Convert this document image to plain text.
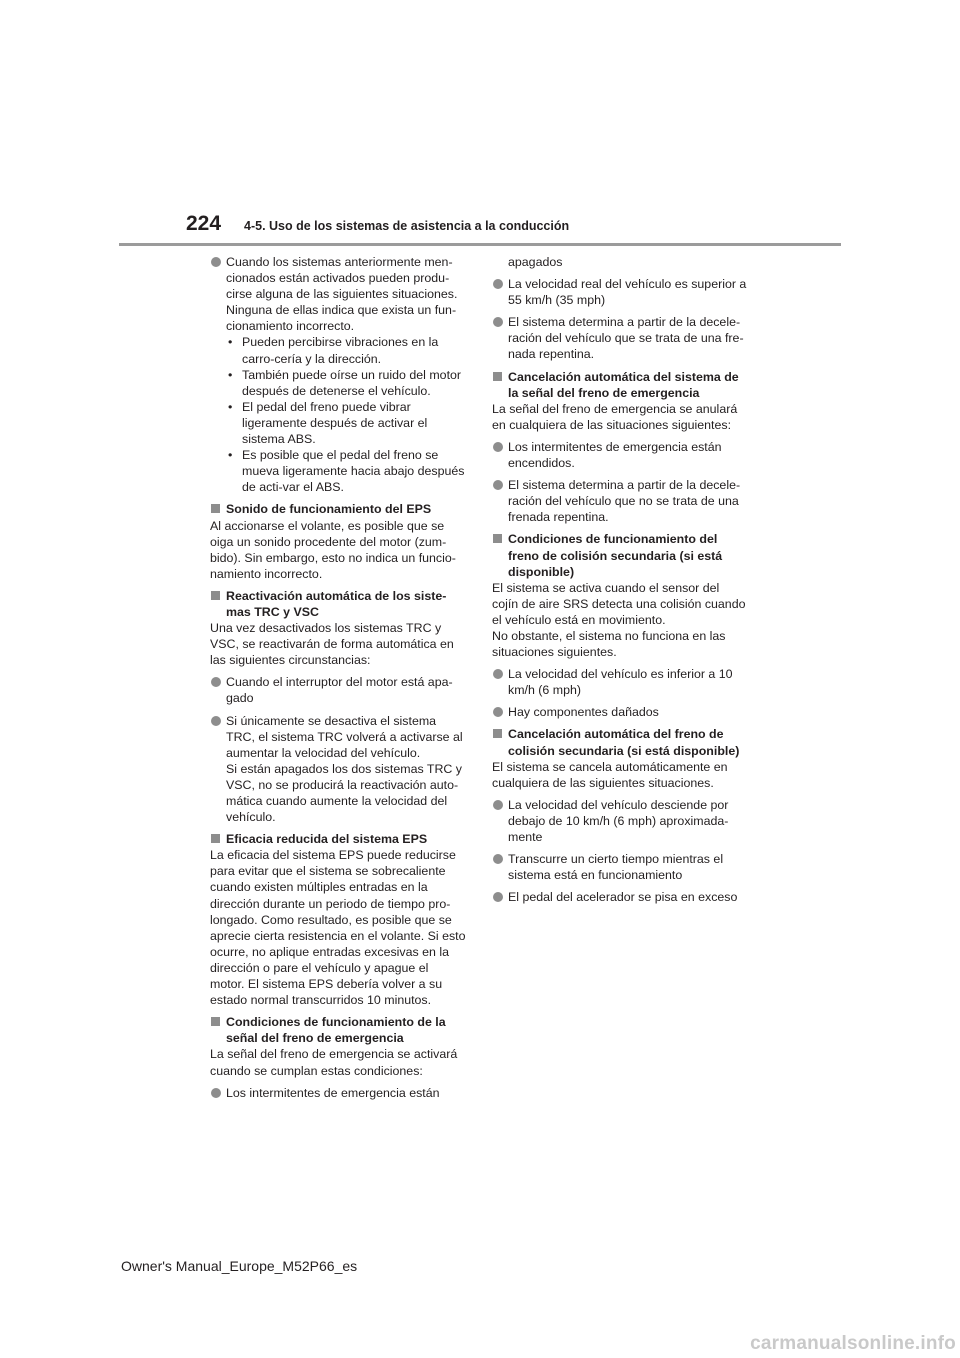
224 4-5. Uso de los sistemas de asistencia a la conducción
Cuando los sistemas anteriormente men-cionados están activados pueden produ-cirse alguna de las siguientes situaciones. Ninguna de ellas indica que exista un fun-cionamiento incorrecto.
• Pueden percibirse vibraciones en la carro-cería y la dirección.
• También puede oírse un ruido del motor después de detenerse el vehículo.
• El pedal del freno puede vibrar ligeramente después de activar el sistema ABS.
• Es posible que el pedal del freno se mueva ligeramente hacia abajo después de acti-var el ABS.
Sonido de funcionamiento del EPS
Al accionarse el volante, es posible que se oiga un sonido procedente del motor (zum-bido). Sin embargo, esto no indica un funcio-namiento incorrecto.
Reactivación automática de los siste-mas TRC y VSC
Una vez desactivados los sistemas TRC y VSC, se reactivarán de forma automática en las siguientes circunstancias:
Cuando el interruptor del motor está apa-gado
Si únicamente se desactiva el sistema TRC, el sistema TRC volverá a activarse al aumentar la velocidad del vehículo.
Si están apagados los dos sistemas TRC y VSC, no se producirá la reactivación auto-mática cuando aumente la velocidad del vehículo.
Eficacia reducida del sistema EPS
La eficacia del sistema EPS puede reducirse para evitar que el sistema se sobrecaliente cuando existen múltiples entradas en la dirección durante un periodo de tiempo pro-longado. Como resultado, es posible que se aprecie cierta resistencia en el volante. Si esto ocurre, no aplique entradas excesivas en la dirección o pare el vehículo y apague el motor. El sistema EPS debería volver a su estado normal transcurridos 10 minutos.
Condiciones de funcionamiento de la señal del freno de emergencia
La señal del freno de emergencia se activará cuando se cumplan estas condiciones:
Los intermitentes de emergencia están
apagados
La velocidad real del vehículo es superior a 55 km/h (35 mph)
El sistema determina a partir de la decele-ración del vehículo que se trata de una fre-nada repentina.
Cancelación automática del sistema de la señal del freno de emergencia
La señal del freno de emergencia se anulará en cualquiera de las situaciones siguientes:
Los intermitentes de emergencia están encendidos.
El sistema determina a partir de la decele-ración del vehículo que no se trata de una frenada repentina.
Condiciones de funcionamiento del freno de colisión secundaria (si está disponible)
El sistema se activa cuando el sensor del cojín de aire SRS detecta una colisión cuando el vehículo está en movimiento.
No obstante, el sistema no funciona en las situaciones siguientes.
La velocidad del vehículo es inferior a 10 km/h (6 mph)
Hay componentes dañados
Cancelación automática del freno de colisión secundaria (si está disponible)
El sistema se cancela automáticamente en cualquiera de las siguientes situaciones.
La velocidad del vehículo desciende por debajo de 10 km/h (6 mph) aproximada-mente
Transcurre un cierto tiempo mientras el sistema está en funcionamiento
El pedal del acelerador se pisa en exceso
Owner's Manual_Europe_M52P66_es
carmanualsonline.info
